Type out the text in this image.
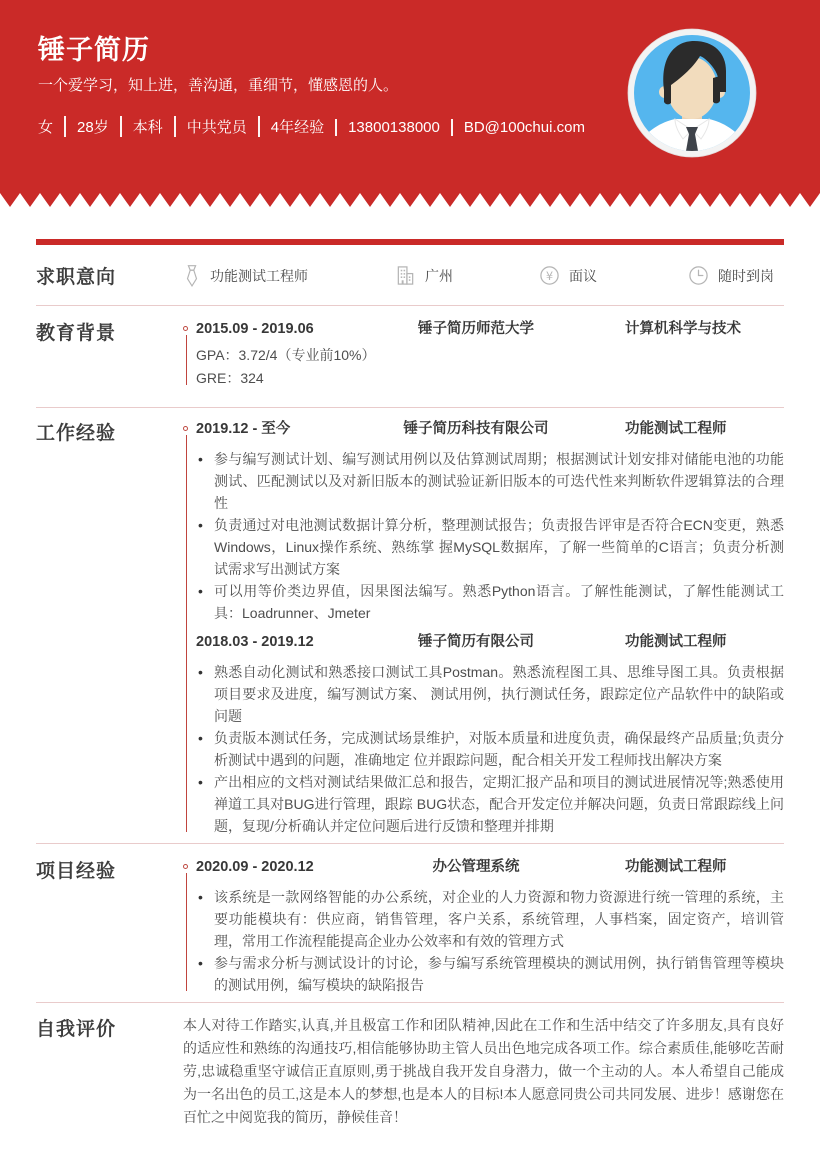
锤子简历
一个爱学习，知上进，善沟通，重细节，懂感恩的人。
女 28岁 本科 中共党员 4年经验 13800138000 BD@100chui.com
求职意向	功能测试工程师	广州	¥ 面议	随时到岗
教育背景	2015.09 - 2019.06	锤子简历师范大学	计算机科学与技术
GPA：3.72/4（专业前10%）
GRE：324
工作经验	2019.12 - 至今	锤子简历科技有限公司	功能测试工程师
• 参与编写测试计划、编写测试用例以及估算测试周期；根据测试计划安排对储能电池的功能测试、匹配测试以及对新旧版本的测试验证新旧版本的可迭代性来判断软件逻辑算法的合理性
• 负责通过对电池测试数据计算分析，整理测试报告；负责报告评审是否符合ECN变更，熟悉Windows，Linux操作系统、熟练掌 握MySQL数据库，了解一些简单的C语言；负责分析测试需求写出测试方案
• 可以用等价类边界值，因果图法编写。熟悉Python语言。了解性能测试，了解性能测试工具：Loadrunner、Jmeter
2018.03 - 2019.12	锤子简历有限公司	功能测试工程师
• 熟悉自动化测试和熟悉接口测试工具Postman。熟悉流程图工具、思维导图工具。负责根据项目要求及进度，编写测试方案、 测试用例，执行测试任务，跟踪定位产品软件中的缺陷或问题
• 负责版本测试任务，完成测试场景维护，对版本质量和进度负责，确保最终产品质量;负责分析测试中遇到的问题，准确地定 位并跟踪问题，配合相关开发工程师找出解决方案
• 产出相应的文档对测试结果做汇总和报告，定期汇报产品和项目的测试进展情况等;熟悉使用禅道工具对BUG进行管理，跟踪 BUG状态，配合开发定位并解决问题，负责日常跟踪线上问题，复现/分析确认并定位问题后进行反馈和整理并排期
项目经验	2020.09 - 2020.12	办公管理系统	功能测试工程师
• 该系统是一款网络智能的办公系统，对企业的人力资源和物力资源进行统一管理的系统，主要功能模块有：供应商，销售管理，客户关系，系统管理，人事档案，固定资产，培训管理，常用工作流程能提高企业办公效率和有效的管理方式
• 参与需求分析与测试设计的讨论，参与编写系统管理模块的测试用例，执行销售管理等模块的测试用例，编写模块的缺陷报告
自我评价	本人对待工作踏实,认真,并且极富工作和团队精神,因此在工作和生活中结交了许多朋友,具有良好的适应性和熟练的沟通技巧,相信能够协助主管人员出色地完成各项工作。综合素质佳,能够吃苦耐劳,忠诚稳重坚守诚信正直原则,勇于挑战自我开发自身潜力，做一个主动的人。本人希望自己能成为一名出色的员工,这是本人的梦想,也是本人的目标!本人愿意同贵公司共同发展、进步！感谢您在百忙之中阅览我的简历，静候佳音！
